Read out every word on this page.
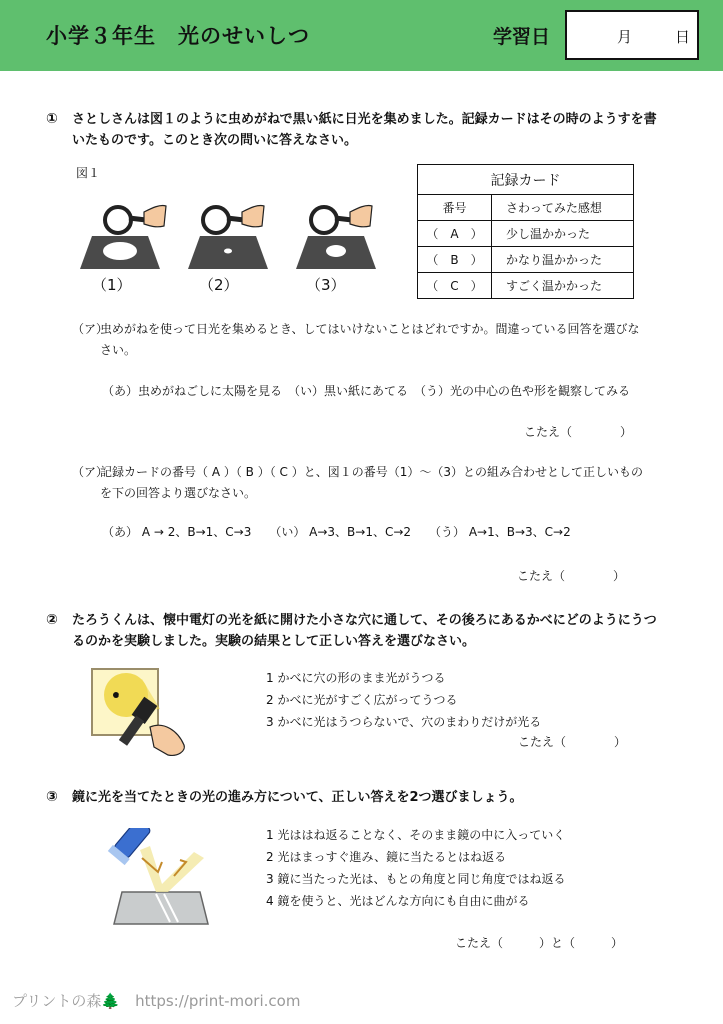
小学３年生　光のせいしつ	学習日	月	日
① さとしさんは図１のように虫めがねで黒い紙に日光を集めました。記録カードはその時のようすを書いたものです。このとき次の問いに答えなさい。
図１
（1）	（2）	（3）
記録カード	
番号	さわってみた感想
（　A　）	少し温かかった
（　B　）	かなり温かかった
（　C　）	すごく温かかった
（ア）
虫めがねを使って日光を集めるとき、してはいけないことはどれですか。間違っている回答を選びなさい。
（あ）虫めがねごしに太陽を見る　（い）黒い紙にあてる　（う）光の中心の色や形を観察してみる
こたえ（　　　　）
（ア）
記録カードの番号（ A ）（ B ）（ C ）と、図１の番号（1）～（3）との組み合わせとして正しいものを下の回答より選びなさい。
（あ） A → 2、B→1、C→3　　（い） A→3、B→1、C→2　　（う） A→1、B→3、C→2
こたえ（　　　　）
② たろうくんは、懐中電灯の光を紙に開けた小さな穴に通して、その後ろにあるかべにどのようにうつるのかを実験しました。実験の結果として正しい答えを選びなさい。
1 かべに穴の形のまま光がうつる
2 かべに光がすごく広がってうつる
3 かべに光はうつらないで、穴のまわりだけが光る
こたえ（　　　　）
③ 鏡に光を当てたときの光の進み方について、正しい答えを2つ選びましょう。
1 光ははね返ることなく、そのまま鏡の中に入っていく
2 光はまっすぐ進み、鏡に当たるとはね返る
3 鏡に当たった光は、もとの角度と同じ角度ではね返る
4 鏡を使うと、光はどんな方向にも自由に曲がる
こたえ（　　　）と（　　　）
プリントの森🌲　https://print-mori.com
